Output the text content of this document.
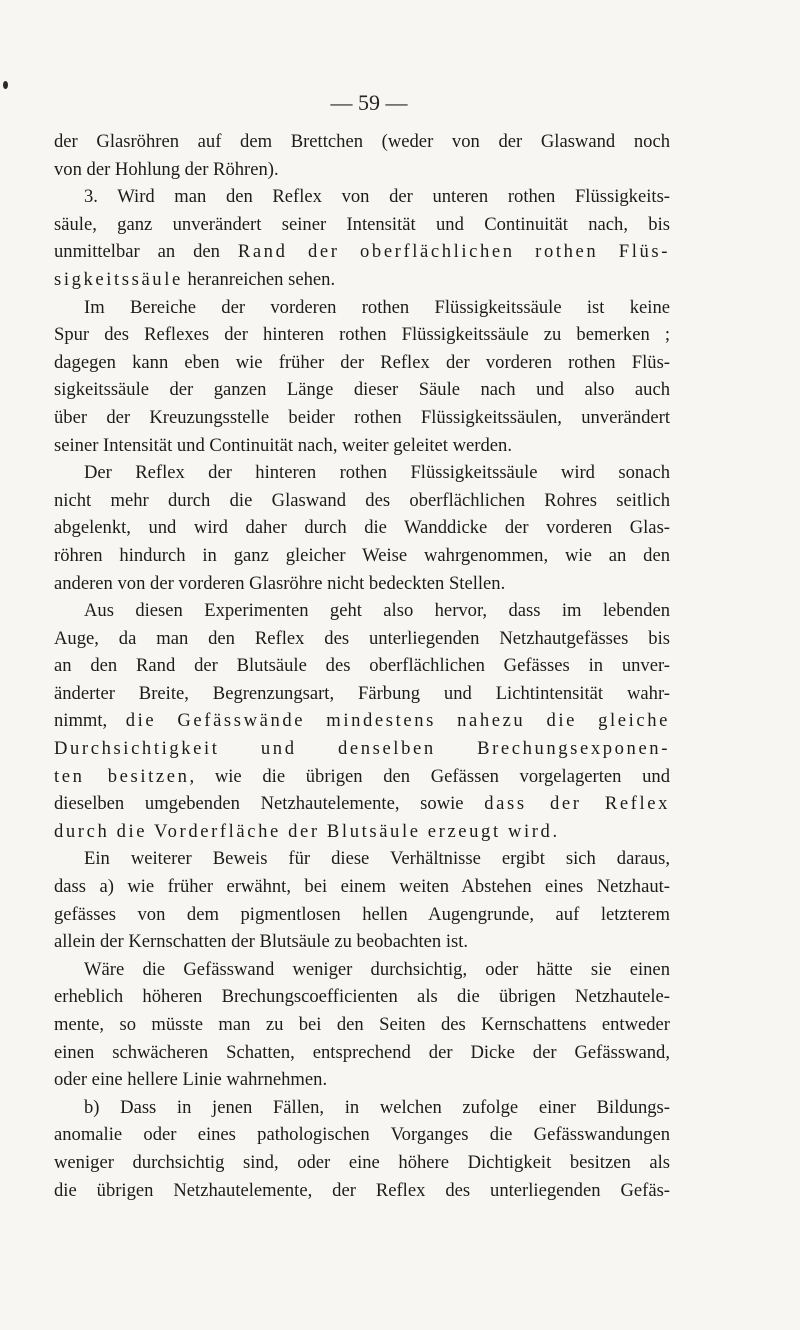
— 59 —
der Glasröhren auf dem Brettchen (weder von der Glaswand noch
von der Hohlung der Röhren).
3. Wird man den Reflex von der unteren rothen Flüssigkeits-
säule, ganz unverändert seiner Intensität und Continuität nach, bis
unmittelbar an den Rand der oberflächlichen rothen Flüs-
sigkeitssäule heranreichen sehen.
Im Bereiche der vorderen rothen Flüssigkeitssäule ist keine
Spur des Reflexes der hinteren rothen Flüssigkeitssäule zu bemerken ;
dagegen kann eben wie früher der Reflex der vorderen rothen Flüs-
sigkeitssäule der ganzen Länge dieser Säule nach und also auch
über der Kreuzungsstelle beider rothen Flüssigkeitssäulen, unverändert
seiner Intensität und Continuität nach, weiter geleitet werden.
Der Reflex der hinteren rothen Flüssigkeitssäule wird sonach
nicht mehr durch die Glaswand des oberflächlichen Rohres seitlich
abgelenkt, und wird daher durch die Wanddicke der vorderen Glas-
röhren hindurch in ganz gleicher Weise wahrgenommen, wie an den
anderen von der vorderen Glasröhre nicht bedeckten Stellen.
Aus diesen Experimenten geht also hervor, dass im lebenden
Auge, da man den Reflex des unterliegenden Netzhautgefässes bis
an den Rand der Blutsäule des oberflächlichen Gefässes in unver-
änderter Breite, Begrenzungsart, Färbung und Lichtintensität wahr-
nimmt, die Gefässwände mindestens nahezu die gleiche
Durchsichtigkeit und denselben Brechungsexponen-
ten besitzen, wie die übrigen den Gefässen vorgelagerten und
dieselben umgebenden Netzhautelemente, sowie dass der Reflex
durch die Vorderfläche der Blutsäule erzeugt wird.
Ein weiterer Beweis für diese Verhältnisse ergibt sich daraus,
dass a) wie früher erwähnt, bei einem weiten Abstehen eines Netzhaut-
gefässes von dem pigmentlosen hellen Augengrunde, auf letzterem
allein der Kernschatten der Blutsäule zu beobachten ist.
Wäre die Gefässwand weniger durchsichtig, oder hätte sie einen
erheblich höheren Brechungscoefficienten als die übrigen Netzhautele-
mente, so müsste man zu bei den Seiten des Kernschattens entweder
einen schwächeren Schatten, entsprechend der Dicke der Gefässwand,
oder eine hellere Linie wahrnehmen.
b) Dass in jenen Fällen, in welchen zufolge einer Bildungs-
anomalie oder eines pathologischen Vorganges die Gefässwandungen
weniger durchsichtig sind, oder eine höhere Dichtigkeit besitzen als
die übrigen Netzhautelemente, der Reflex des unterliegenden Gefäs-
